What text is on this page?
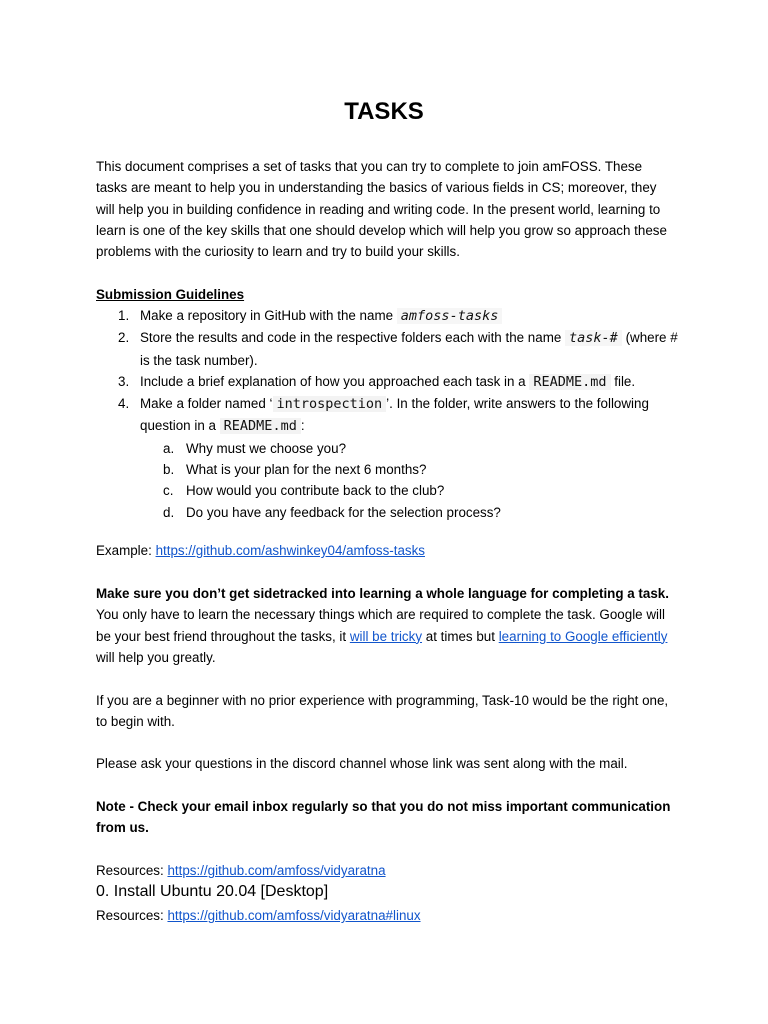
TASKS
This document comprises a set of tasks that you can try to complete to join amFOSS. These tasks are meant to help you in understanding the basics of various fields in CS; moreover, they will help you in building confidence in reading and writing code. In the present world, learning to learn is one of the key skills that one should develop which will help you grow so approach these problems with the curiosity to learn and try to build your skills.
Submission Guidelines
1. Make a repository in GitHub with the name amfoss-tasks
2. Store the results and code in the respective folders each with the name task-# (where # is the task number).
3. Include a brief explanation of how you approached each task in a README.md file.
4. Make a folder named ‘ introspection ’. In the folder, write answers to the following question in a README.md :
a. Why must we choose you?
b. What is your plan for the next 6 months?
c. How would you contribute back to the club?
d. Do you have any feedback for the selection process?
Example: https://github.com/ashwinkey04/amfoss-tasks
Make sure you don’t get sidetracked into learning a whole language for completing a task. You only have to learn the necessary things which are required to complete the task. Google will be your best friend throughout the tasks, it will be tricky at times but learning to Google efficiently will help you greatly.
If you are a beginner with no prior experience with programming, Task-10 would be the right one, to begin with.
Please ask your questions in the discord channel whose link was sent along with the mail.
Note - Check your email inbox regularly so that you do not miss important communication from us.
Resources: https://github.com/amfoss/vidyaratna
0. Install Ubuntu 20.04 [Desktop]
Resources: https://github.com/amfoss/vidyaratna#linux
